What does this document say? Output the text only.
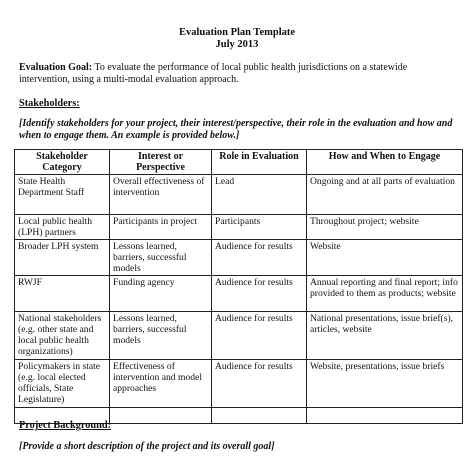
Evaluation Plan Template
July 2013
Evaluation Goal: To evaluate the performance of local public health jurisdictions on a statewide intervention, using a multi-modal evaluation approach.
Stakeholders:
[Identify stakeholders for your project, their interest/perspective, their role in the evaluation and how and when to engage them. An example is provided below.]
Stakeholder Category	Interest or Perspective	Role in Evaluation	How and When to Engage
State Health Department Staff	Overall effectiveness of intervention	Lead	Ongoing and at all parts of evaluation
Local public health (LPH) partners	Participants in project	Participants	Throughout project; website
Broader LPH system	Lessons learned, barriers, successful models	Audience for results	Website
RWJF	Funding agency	Audience for results	Annual reporting and final report; info provided to them as products; website
National stakeholders (e.g. other state and local public health organizations)	Lessons learned, barriers, successful models	Audience for results	National presentations, issue brief(s), articles, website
Policymakers in state (e.g. local elected officials, State Legislature)	Effectiveness of intervention and model approaches	Audience for results	Website, presentations, issue briefs

Project Background:
[Provide a short description of the project and its overall goal]
